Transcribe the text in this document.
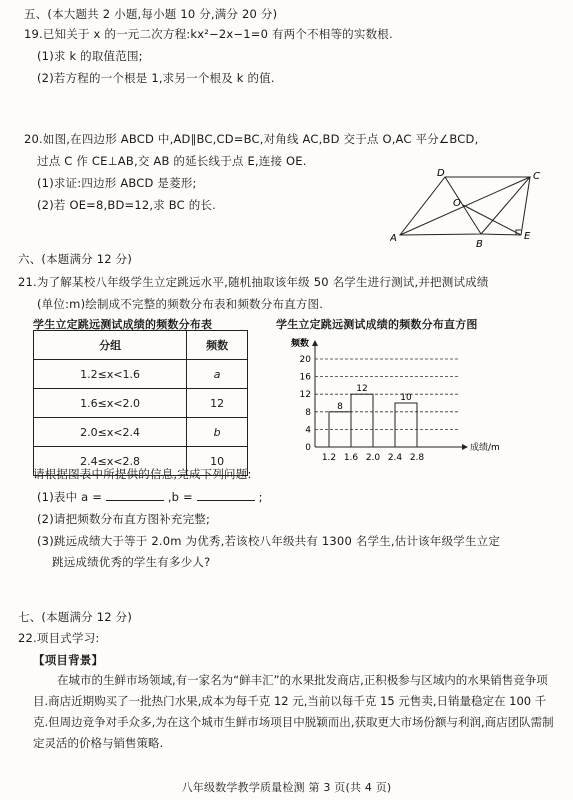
五、(本大题共 2 小题,每小题 10 分,满分 20 分)
19.已知关于 x 的一元二次方程:kx²−2x−1=0 有两个不相等的实数根.
(1)求 k 的取值范围;
(2)若方程的一个根是 1,求另一个根及 k 的值.
20.如图,在四边形 ABCD 中,AD∥BC,CD=BC,对角线 AC,BD 交于点 O,AC 平分∠BCD,
过点 C 作 CE⊥AB,交 AB 的延长线于点 E,连接 OE.
(1)求证:四边形 ABCD 是菱形;
(2)若 OE=8,BD=12,求 BC 的长.
A
B
C
D
O
E
六、(本题满分 12 分)
21.为了解某校八年级学生立定跳远水平,随机抽取该年级 50 名学生进行测试,并把测试成绩
(单位:m)绘制成不完整的频数分布表和频数分布直方图.
学生立定跳远测试成绩的频数分布表	学生立定跳远测试成绩的频数分布直方图
分组	频数
1.2≤x<1.6	a
1.6≤x<2.0	12
2.0≤x<2.4	b
2.4≤x<2.8	10
0
4
8
12
16
20
8
12
10
1.2 1.6 2.0 2.4 2.8
频数
成绩/m
请根据图表中所提供的信息,完成下列问题:
(1)表中 a =	,b =	;
(2)请把频数分布直方图补充完整;
(3)跳远成绩大于等于 2.0m 为优秀,若该校八年级共有 1300 名学生,估计该年级学生立定
跳远成绩优秀的学生有多少人?
七、(本题满分 12 分)
22.项目式学习:
【项目背景】
在城市的生鲜市场领域,有一家名为“鲜丰汇”的水果批发商店,正积极参与区域内的水果销售竞争项目.商店近期购买了一批热门水果,成本为每千克 12 元,当前以每千克 15 元售卖,日销量稳定在 100 千克.但周边竞争对手众多,为在这个城市生鲜市场项目中脱颖而出,获取更大市场份额与利润,商店团队需制定灵活的价格与销售策略.
八年级数学教学质量检测 第 3 页(共 4 页)
